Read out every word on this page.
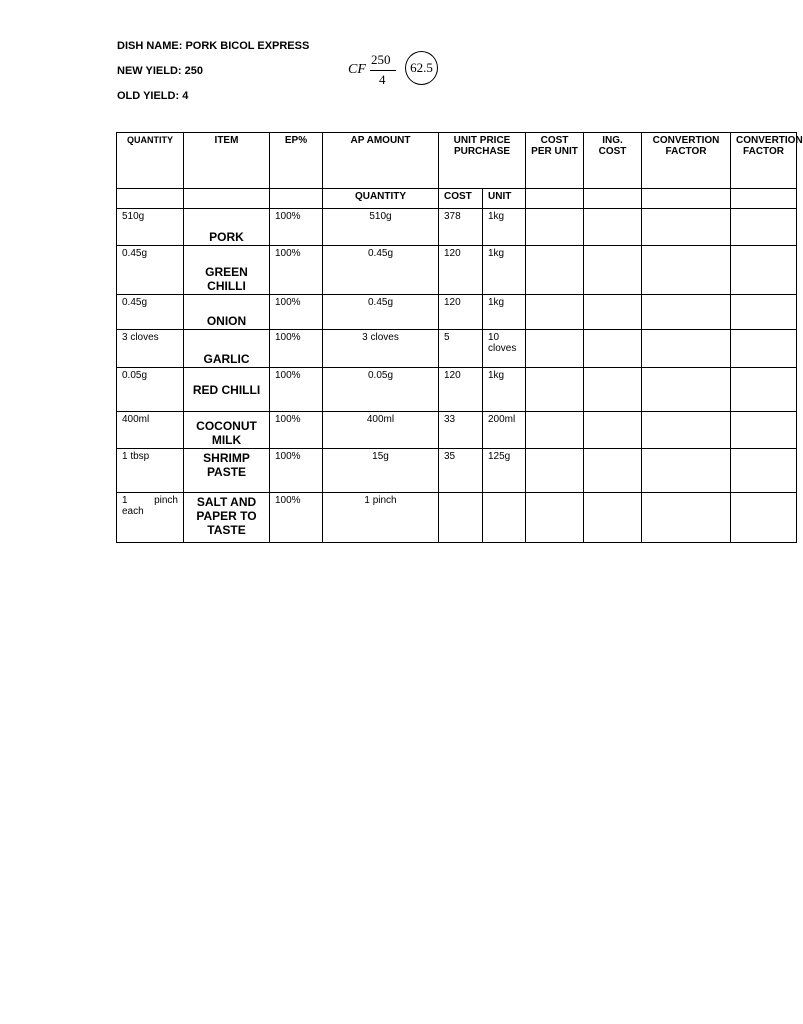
DISH NAME: PORK BICOL EXPRESS
NEW YIELD: 250
OLD YIELD: 4
CF
250
4
62.5
QUANTITY	ITEM	EP%	AP AMOUNT	UNIT PRICE PURCHASE		COST PER UNIT	ING. COST	CONVERTION FACTOR	CONVERTION FACTOR
			QUANTITY	COST	UNIT				
510g	PORK	100%	510g	378	1kg				
0.45g	GREEN CHILLI	100%	0.45g	120	1kg				
0.45g	ONION	100%	0.45g	120	1kg				
3 cloves	GARLIC	100%	3 cloves	5	10 cloves				
0.05g	RED CHILLI	100%	0.05g	120	1kg				
400ml	COCONUT MILK	100%	400ml	33	200ml				
1 tbsp	SHRIMP PASTE	100%	15g	35	125g				
1 pinch each	SALT AND PAPER TO TASTE	100%	1 pinch						
